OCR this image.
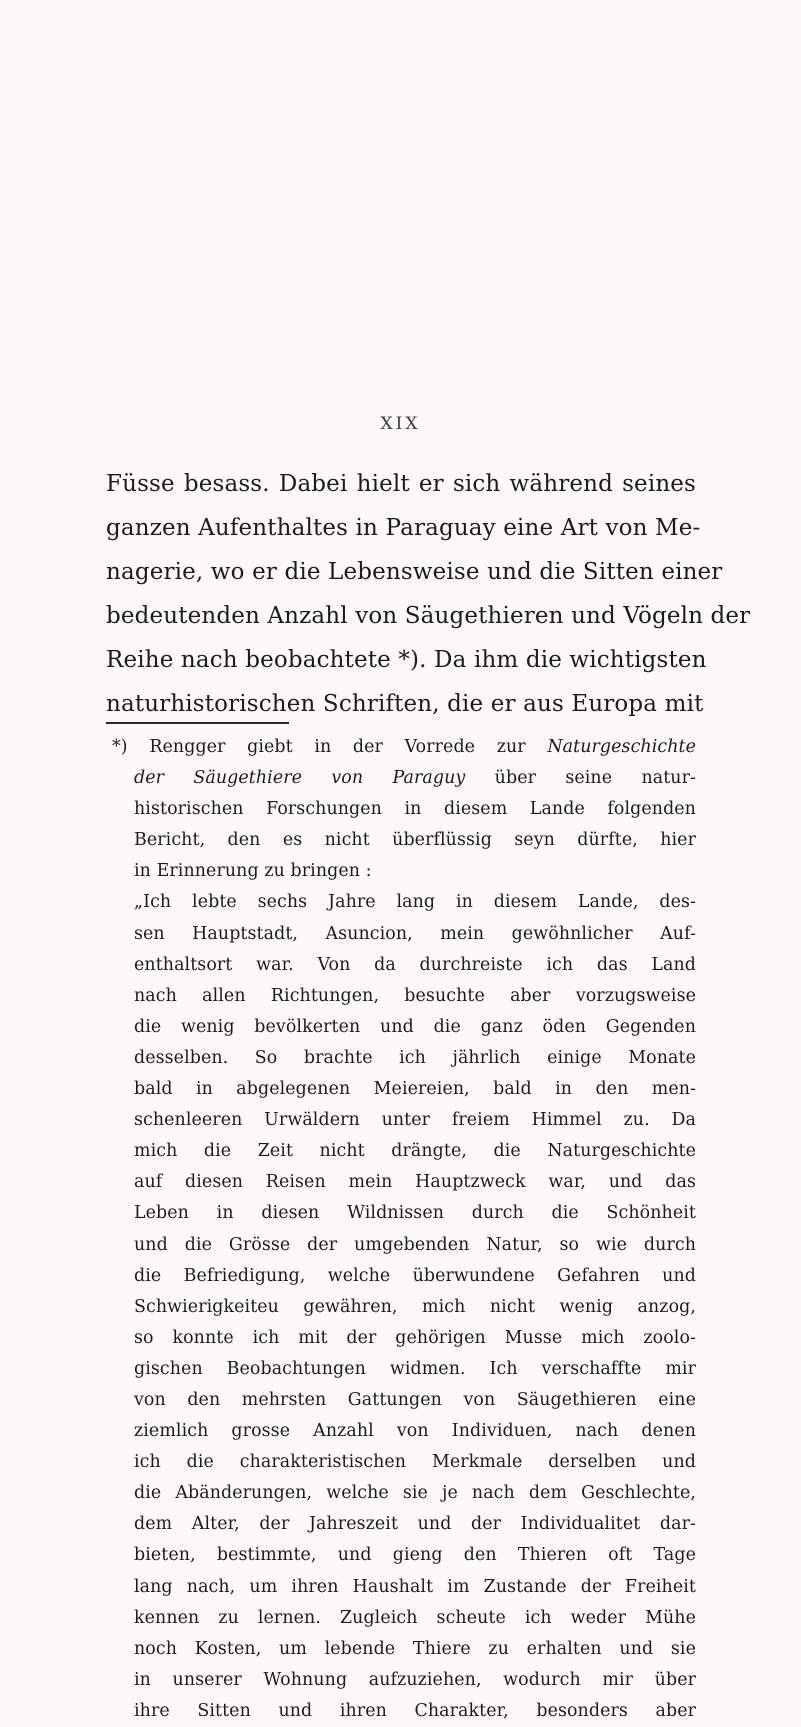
XIX
Füsse besass. Dabei hielt er sich während seines
ganzen Aufenthaltes in Paraguay eine Art von Me-
nagerie, wo er die Lebensweise und die Sitten einer
bedeutenden Anzahl von Säugethieren und Vögeln der
Reihe nach beobachtete *). Da ihm die wichtigsten
naturhistorischen Schriften, die er aus Europa mit
*) Rengger giebt in der Vorrede zur Naturgeschichte
der Säugethiere von Paraguy über seine natur-
historischen Forschungen in diesem Lande folgenden
Bericht, den es nicht überflüssig seyn dürfte, hier
in Erinnerung zu bringen :
„Ich lebte sechs Jahre lang in diesem Lande, des-
sen Hauptstadt, Asuncion, mein gewöhnlicher Auf-
enthaltsort war. Von da durchreiste ich das Land
nach allen Richtungen, besuchte aber vorzugsweise
die wenig bevölkerten und die ganz öden Gegenden
desselben. So brachte ich jährlich einige Monate
bald in abgelegenen Meiereien, bald in den men-
schenleeren Urwäldern unter freiem Himmel zu. Da
mich die Zeit nicht drängte, die Naturgeschichte
auf diesen Reisen mein Hauptzweck war, und das
Leben in diesen Wildnissen durch die Schönheit
und die Grösse der umgebenden Natur, so wie durch
die Befriedigung, welche überwundene Gefahren und
Schwierigkeiteu gewähren, mich nicht wenig anzog,
so konnte ich mit der gehörigen Musse mich zoolo-
gischen Beobachtungen widmen. Ich verschaffte mir
von den mehrsten Gattungen von Säugethieren eine
ziemlich grosse Anzahl von Individuen, nach denen
ich die charakteristischen Merkmale derselben und
die Abänderungen, welche sie je nach dem Geschlechte,
dem Alter, der Jahreszeit und der Individualitet dar-
bieten, bestimmte, und gieng den Thieren oft Tage
lang nach, um ihren Haushalt im Zustande der Freiheit
kennen zu lernen. Zugleich scheute ich weder Mühe
noch Kosten, um lebende Thiere zu erhalten und sie
in unserer Wohnung aufzuziehen, wodurch mir über
ihre Sitten und ihren Charakter, besonders aber
